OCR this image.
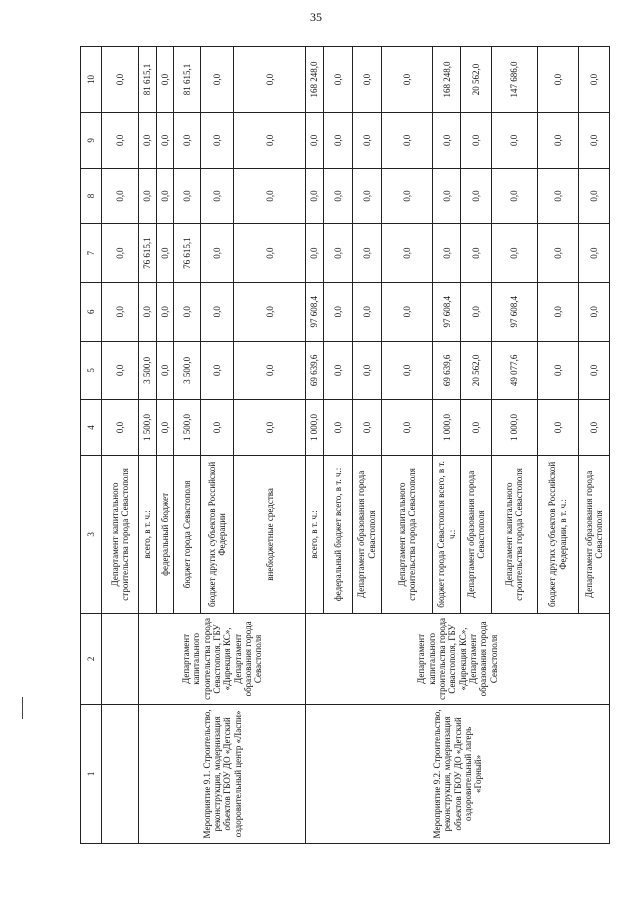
35
1	2	3	4	5	6	7	8	9	10
		Департамент капитального строительства города Севастополя	0,0	0,0	0,0	0,0	0,0	0,0	0,0
Мероприятие 9.1. Строительство, реконструкция, модернизация объектов ГБОУ ДО «Детский оздоровительный центр «Ласпи»	Департамент капитального строительства города Севастополя, ГБУ «Дирекция КС», Департамент образования города Севастополя	всего, в т. ч.:	1 500,0	3 500,0	0,0	76 615,1	0,0	0,0	81 615,1
		федеральный бюджет	0,0	0,0	0,0	0,0	0,0	0,0	0,0
		бюджет города Севастополя	1 500,0	3 500,0	0,0	76 615,1	0,0	0,0	81 615,1
		бюджет других субъектов Российской Федерации	0,0	0,0	0,0	0,0	0,0	0,0	0,0
		внебюджетные средства	0,0	0,0	0,0	0,0	0,0	0,0	0,0
Мероприятие 9.2. Строительство, реконструкция, модернизация объектов ГБОУ ДО «Детский оздоровительный лагерь «Горный»	Департамент капитального строительства города Севастополя, ГБУ «Дирекция КС», Департамент образования города Севастополя	всего, в т. ч.:	1 000,0	69 639,6	97 608,4	0,0	0,0	0,0	168 248,0
		федеральный бюджет всего, в т. ч.:	0,0	0,0	0,0	0,0	0,0	0,0	0,0
		Департамент образования города Севастополя	0,0	0,0	0,0	0,0	0,0	0,0	0,0
		Департамент капитального строительства города Севастополя	0,0	0,0	0,0	0,0	0,0	0,0	0,0
		бюджет города Севастополя всего, в т. ч.:	1 000,0	69 639,6	97 608,4	0,0	0,0	0,0	168 248,0
		Департамент образования города Севастополя	0,0	20 562,0	0,0	0,0	0,0	0,0	20 562,0
		Департамент капитального строительства города Севастополя	1 000,0	49 077,6	97 608,4	0,0	0,0	0,0	147 686,0
		бюджет других субъектов Российской Федерации, в т. ч.:	0,0	0,0	0,0	0,0	0,0	0,0	0,0
		Департамент образования города Севастополя	0,0	0,0	0,0	0,0	0,0	0,0	0,0
